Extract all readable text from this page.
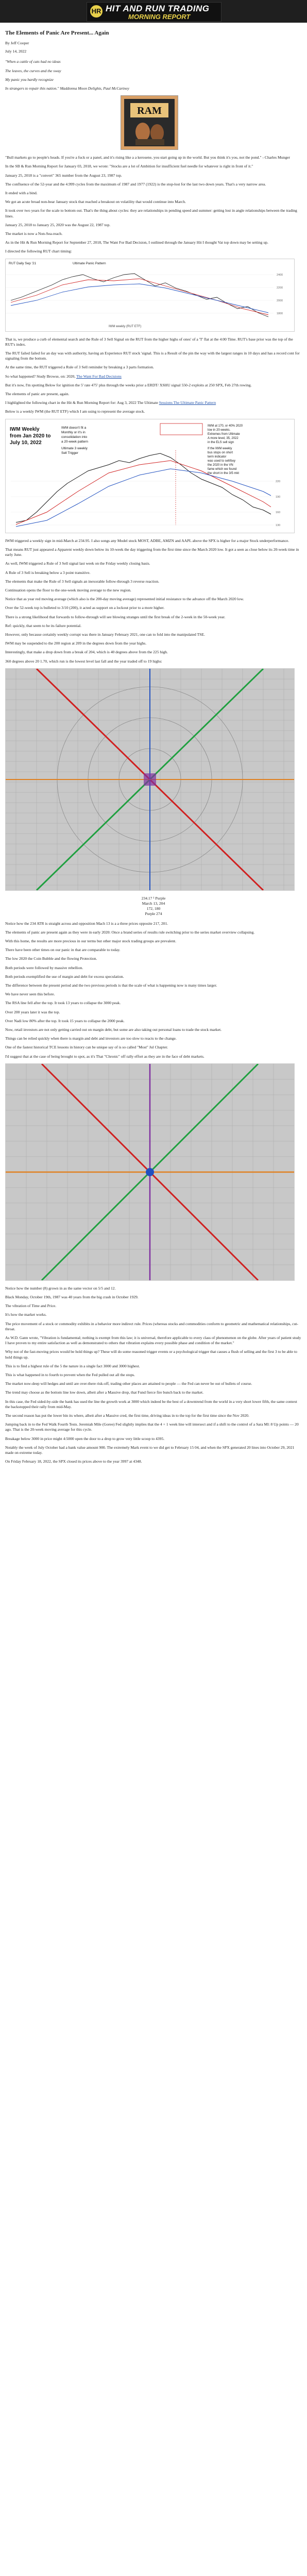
HR HIT AND RUN TRADING
MORNING REPORT
The Elements of Panic Are Present... Again
By Jeff Cooper
July 14, 2022

"When a cattle of cats had no ideas

The leaves, the curves and the sway

My panic you hardly recognize

In strangers to repair this nation." Maddonna Moon Delights, Paul McCartney

RAM

"Bull markets go to people's heads. If you're a fuck or a panel, and it's rising like a a kerosene, you start going up in the world. But you think it's you, not the pond." - Charles Munger

In the SB & Run Morning Report for January 03, 2018, we wrote: "Stocks are a lot of Ambition for insufficient fuel needle for whatever is right in front of it."

January 25, 2018 is a "convert" 365 number from the August 23, 1987 top.

The confluence of the 52-year and the 4.999 cycles from the maximum of 1987 and 1977 (1922) is the stop-lost for the last two down years. That's a very narrow area.

It ended with a bind.

We got an acute broad non-bear January stock that reached a breakout on volatility that would continue into March.

It took over two years for the scale to bottom out. That's the thing about cycles: they are relationships in pending speed and summer: getting lost in angle relationships between the trading lines.

January 25, 2018 to January 25, 2020 was the August 22, 1987 top.

The market is now a Non-Sea-reach.

As in the Hit & Run Morning Report for September 27, 2018, The Want For Bad Decision, I outlined through the January Hit I thought Vat top down may be setting up.

I directed the following RUT chart timing:

RUT Daily Sep '21	Ultimate Panic Pattern
IWM weekly (RUT ETF)
2400
2200
2000
1800

That is, we produce a curb of elemental search and the Rule of 3 Sell Signal on the RUT from the higher highs of ones' of a 'T' flat at the 4:00 Time. RUT's base prior was the top of the RUT's index.

The RUT failed failed for an day was with authority, having an Experience RUT stock 'signal. This is a Result of the pin the way with the largest ranges in 10 days and has a record cont for signaling from the bottom.

At the same time, the RUT triggered a Rule of 3 Sell reminder by breaking a 3 parts formation.

So what happened? Study Browse, on: 2020, The Want For Bad Decisions

But it's now, I'm spotting Below for ignition the 5' rate 475' plus through the weeks prior a ERDT/ XSHU signal 550-2 exploits at 250 SPX, Feb 27th rowing.

The elements of panic are present, again.

I highlighted the following chart in the Hit & Run Morning Report for: Aug 3, 2022 The Ultimate Sessions The Ultimate Panic Pattern

Below is a weekly IWM (the RUT ETF) which I am using to represent the average stock.

IWM Weekly
from Jan 2020 to
July 10, 2022
IWM doesn't fit a
Monthly or it's in
consolidation into
a 20-week pattern
Ultimate 3 weekly
Sell Trigger
IWM at 170, or 40% 2020
low in 20-weeks.
Extremes from Ultimate
A more level, 35, 2022
in the ELS sell sign
If the IWM weekly
bus stops on short
term indicator
was used to sell/buy
the 2020 in the VN
fame which we found
the short in the 3/5 mkt
220
190
160
130

IWM triggered a weekly sign in mid-March at 234.95. I also songs any Model stock MOST, ADBE, AMZN and AAPL above the SPX is higher for a major Stock underperformance.

That means RUT just appeared a Apparent weekly down below its 10-week the day triggering from the first time since the March 2020 low. It got a seen as close below its 20-week time in early June.

As well, IWM triggered a Rule of 3 Sell signal last week on the Friday weekly closing basis.

A Rule of 3 Sell is breaking below a 3 point transitive.

The elements that make the Rule of 3 Sell signals an inexorable follow-through 3 reverse reaction.

Continuation opens the floor to the one-week moving average to the new region.

Notice that as year red moving average (which also is the 200-day moving average) represented initial resistance to the advance off the March 2020 low.

Over the 52-week top is bulleted to 3/10 (200), it acted as support on a lockout prior to a more higher.

There is a strong likelihood that forwards to follow-through will see blowing stranges until the first break of the 2-week in the 50-week year.

Ref: quickly, that seem to be its failure potential.

However, only because certainly weekly corrupt was there in January February 2021, one can to fold into the manipulated TSE.

IWM may be suspended to the 200 region at 209 in the degrees down from the year highs.

Interestingly, that make a drop down from a break of 204, which is 40 degrees above from the 225 high.

360 degrees above 20 1.70, which run is the lowest level last fall and the year traded off to 19 highs:

234.17 ¹ Purple
March 13, 204
172, 180
Purple 274

Notice how the 234 ATR is straight across and opposition Mach 13 is a a three prices opposite 217, 201.

The elements of panic are present again as they were in early 2020: Once a brand series of results rule switching prior to the series market overview collapsing.

With this home, the results are more precious in our terms but other major stock trading groups are prevalent.

There have been other times on our panic in that are comparable to today.

The low 2020 the Coin Bubble and the flowing Protection.

Both periods were followed by massive rebellion.

Both periods exemplified the use of margin and debt for excess speculation.

The difference between the present period and the two previous periods is that the scale of what is happening now is many times larger.

We have never seen this before.

The RSA line fell after the top. It took 13 years to collapse the 3000 peak.

Over 200 years later it was the top.

Over Nadi low 80% after the top. It took 15 years to collapse the 2000 peak.

Now, retail investors are not only getting carried out on margin debt, but some are also taking out personal loans to trade the stock market.

Things can be relied quickly when there is margin and debt and investors are too slow to reacts to the change.

One of the fastest historical TCE lessons in history can be unique say of is so called "Most" Jul Chapter.

I'd suggest that at the case of being brought to spot, as it's That "Chronic" off rally effort as they are in the face of debt markets.

Notice how the number (8) grown in as the same vector on 5/5 and 12.

Black Monday, October 19th, 1987 was 40 years from the big crash in October 1929.

The vibration of Time and Price.

It's how the market works.

The price movement of a stock or commodity exhibits in a behavior more indirect rule. Prices (whereas stocks and commodities conform to geometric and mathematical relationships, cut-throat.

As W.D. Gann wrote, "Vibration is fundamental; nothing is exempt from this law; it is universal, therefore applicable to every class of phenomenon on the globe. After years of patient study I have proven to my entire satisfaction as well as demonstrated to others that vibration explains every possible phase and condition of the market."

Why not of the fast-moving prices would be hold things up? These will do some reasoned trigger events or a psychological trigger that causes a flush of selling and the first 3 to be able to hold things up.

This is to find a highest rule of the 5 the nature in a single fact 3000 and 3000 highest.

This is what happened in to fourth to prevent when the Fed pulled out all the stops.

The market now-deep will hedges and until are over-there risk-off, trading other places are attained to people — the Fed can never be out of bullets of course.

The trend may choose as the bottom line low down, albeit after a Massive drop, that Fund fierce fire bunch back to the market.

In this case, the Fed sided-by-side the bank has used the line the growth work at 3000 which indeed be the best of a downtrend from the world in a very short lower fifth, the same context the backstopped their rally from mid-May.

The second reason has put the lower bin its where, albeit after a Massive cred, the first time, driving ideas in to the top for the first time since the Nov 2020.

Jumping back in to the Fed Walk Fourth Tests. Jeremiah Mile (Goree) Fed slightly implies that the 4 + 1 week line will intersect and if a shift to the control of a Sara Ml: 8 Up points — 20 ago. That is the 20-week moving average for this cycle.

Breakage below 3000 in price might 4:5000 open the door to a drop to grow very little scoop to 4395.

Notably the week of July October had a bank value amount 900. The extremely Mark event to we did get to February 15 04, and when the SPX generated 20 lines into October 29, 2021 made on extreme today.

On Friday February 18, 2022, the SPX closed its prices above to the year 3997 at 4348.
